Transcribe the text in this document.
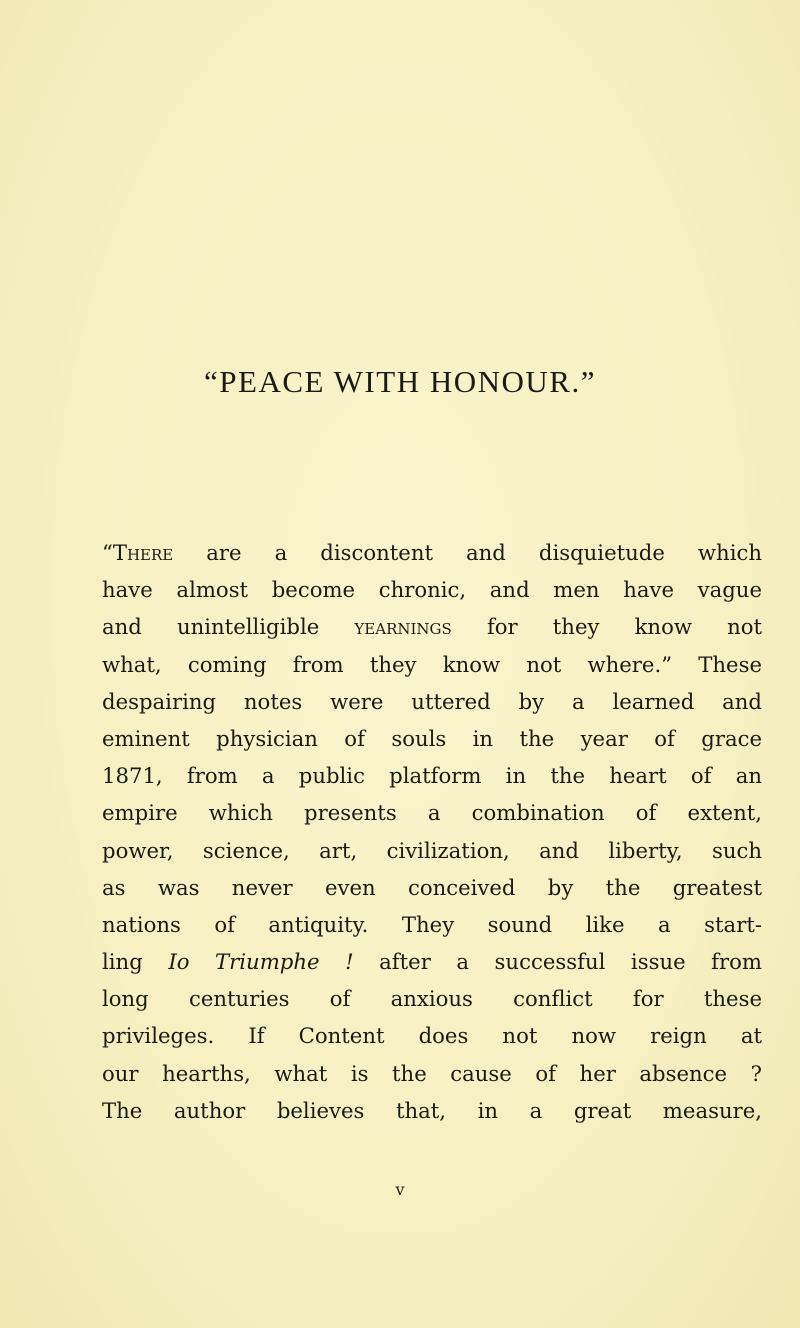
“PEACE WITH HONOUR.”
“There are a discontent and disquietude which
have almost become chronic, and men have vague
and unintelligible yearnings for they know not
what, coming from they know not where.” These
despairing notes were uttered by a learned and
eminent physician of souls in the year of grace
1871, from a public platform in the heart of an
empire which presents a combination of extent,
power, science, art, civilization, and liberty, such
as was never even conceived by the greatest
nations of antiquity. They sound like a start-
ling Io Triumphe ! after a successful issue from
long centuries of anxious conflict for these
privileges. If Content does not now reign at
our hearths, what is the cause of her absence ?
The author believes that, in a great measure,
v
